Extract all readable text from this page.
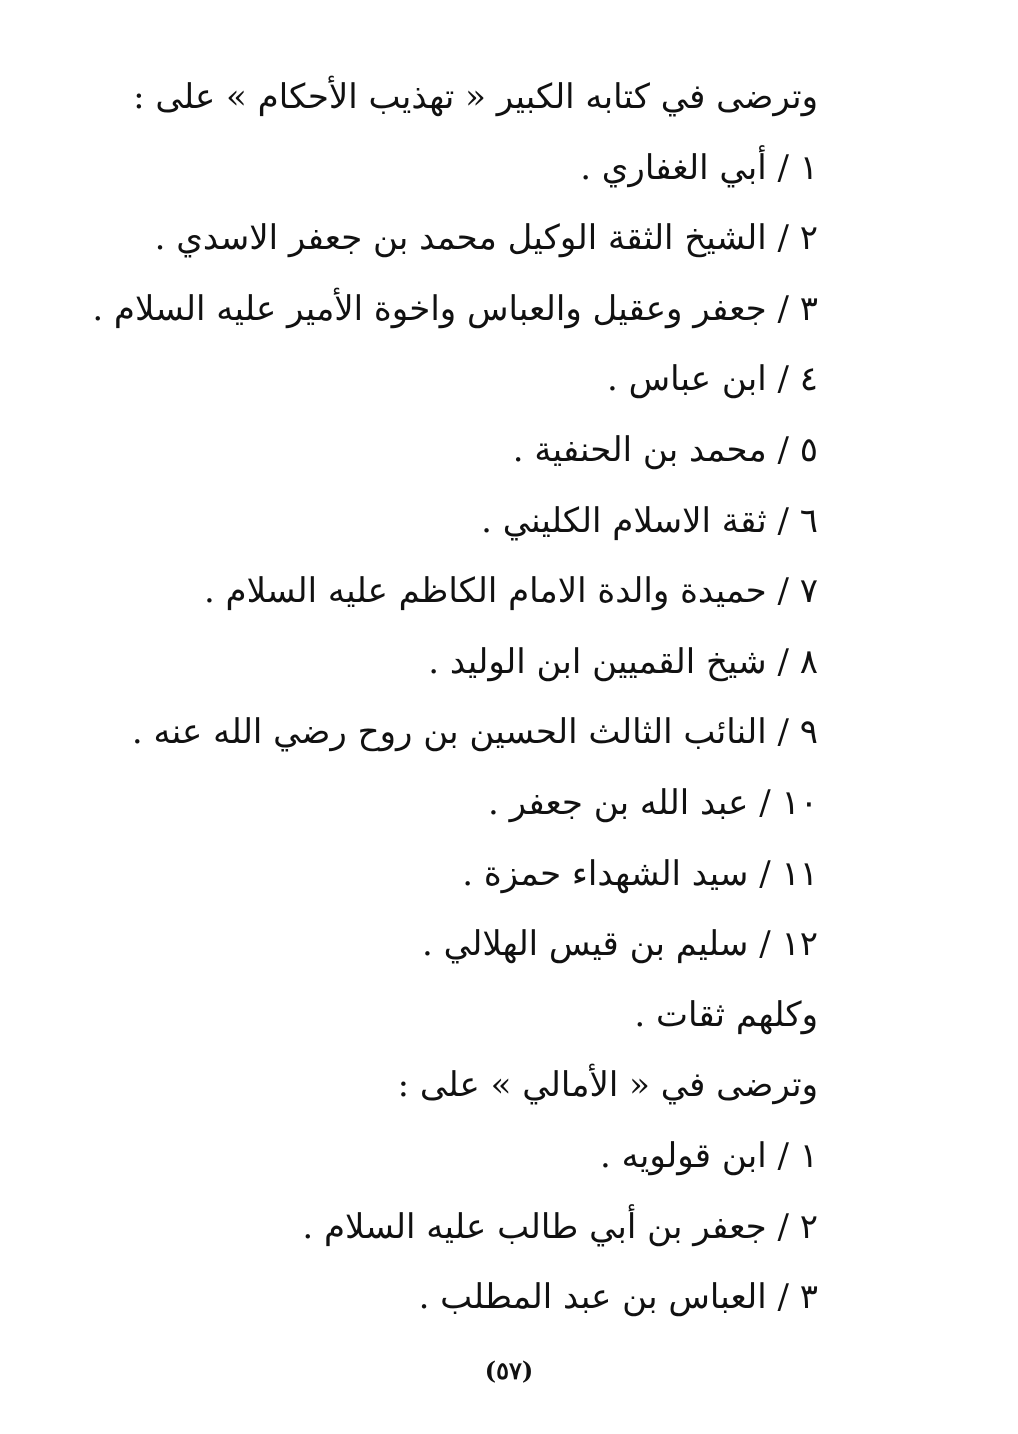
وترضى في كتابه الكبير « تهذيب الأحكام » على :
١ / أبي الغفاري .
٢ / الشيخ الثقة الوكيل محمد بن جعفر الاسدي .
٣ / جعفر وعقيل والعباس واخوة الأمير عليه السلام .
٤ / ابن عباس .
٥ / محمد بن الحنفية .
٦ / ثقة الاسلام الكليني .
٧ / حميدة والدة الامام الكاظم عليه السلام .
٨ / شيخ القميين ابن الوليد .
٩ / النائب الثالث الحسين بن روح رضي الله عنه .
١٠ / عبد الله بن جعفر .
١١ / سيد الشهداء حمزة .
١٢ / سليم بن قيس الهلالي .
وكلهم ثقات .
وترضى في « الأمالي » على :
١ / ابن قولويه .
٢ / جعفر بن أبي طالب عليه السلام .
٣ / العباس بن عبد المطلب .
(٥٧)
